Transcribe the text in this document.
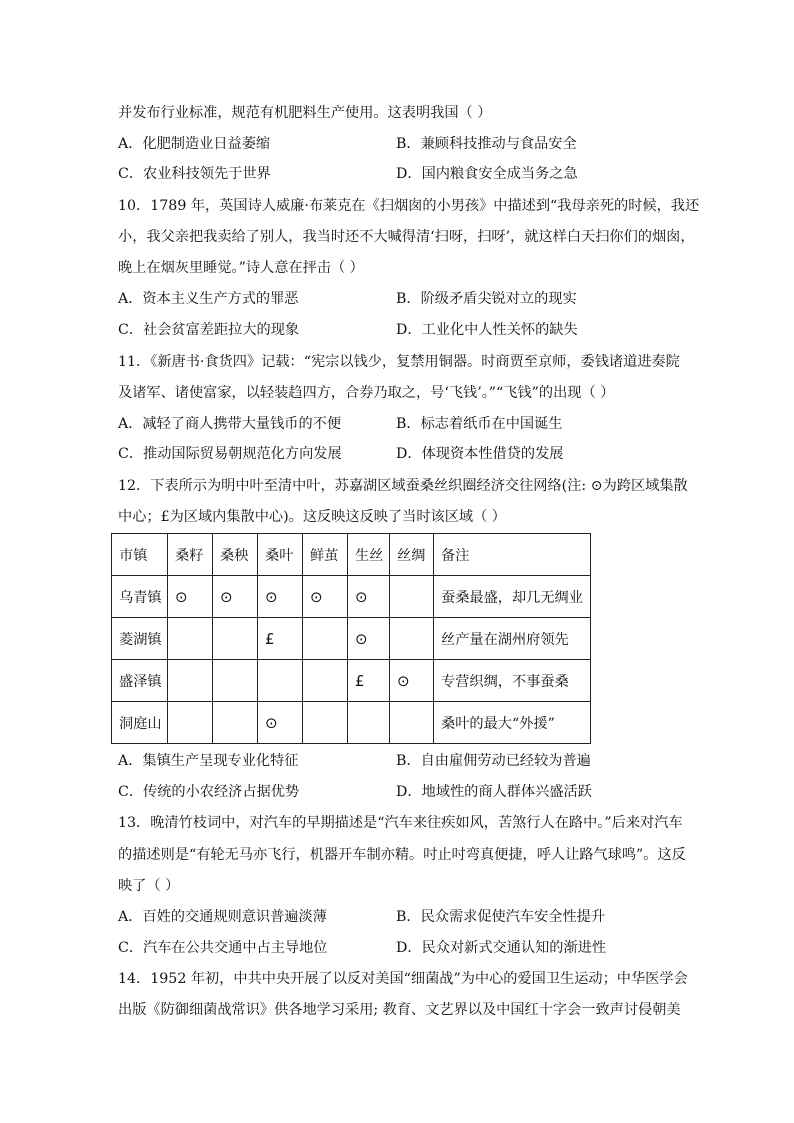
并发布行业标准，规范有机肥料生产使用。这表明我国（ ）
A．化肥制造业日益萎缩	B．兼顾科技推动与食品安全
C．农业科技领先于世界	D．国内粮食安全成当务之急
10．1789 年，英国诗人威廉·布莱克在《扫烟囱的小男孩》中描述到“我母亲死的时候，我还
小，我父亲把我卖给了别人，我当时还不大喊得清‘扫呀，扫呀’，就这样白天扫你们的烟囱，
晚上在烟灰里睡觉。”诗人意在抨击（ ）
A．资本主义生产方式的罪恶	B．阶级矛盾尖锐对立的现实
C．社会贫富差距拉大的现象	D．工业化中人性关怀的缺失
11．《新唐书·食货四》记载：“宪宗以钱少，复禁用铜器。时商贾至京师，委钱诸道进奏院
及诸军、诸使富家，以轻装趋四方，合券乃取之，号‘飞钱’。”“飞钱”的出现（ ）
A．减轻了商人携带大量钱币的不便	B．标志着纸币在中国诞生
C．推动国际贸易朝规范化方向发展	D．体现资本性借贷的发展
12．下表所示为明中叶至清中叶，苏嘉湖区域蚕桑丝织圈经济交往网络(注: ⊙为跨区域集散
中心；£为区域内集散中心)。这反映这反映了当时该区域（ ）
市镇	桑籽	桑秧	桑叶	鲜茧	生丝	丝绸	备注
乌青镇	⊙	⊙	⊙	⊙	⊙		蚕桑最盛，却几无绸业
菱湖镇			£		⊙		丝产量在湖州府领先
盛泽镇					£	⊙	专营织绸，不事蚕桑
洞庭山			⊙				桑叶的最大“外援”
A．集镇生产呈现专业化特征	B．自由雇佣劳动已经较为普遍
C．传统的小农经济占据优势	D．地域性的商人群体兴盛活跃
13．晚清竹枝词中，对汽车的早期描述是“汽车来往疾如风，苦煞行人在路中。”后来对汽车
的描述则是“有轮无马亦飞行，机器开车制亦精。吋止吋弯真便捷，呼人让路气球鸣”。这反
映了（ ）
A．百姓的交通规则意识普遍淡薄	B．民众需求促使汽车安全性提升
C．汽车在公共交通中占主导地位	D．民众对新式交通认知的渐进性
14．1952 年初，中共中央开展了以反对美国“细菌战”为中心的爱国卫生运动；中华医学会
出版《防御细菌战常识》供各地学习采用; 教育、文艺界以及中国红十字会一致声讨侵朝美
